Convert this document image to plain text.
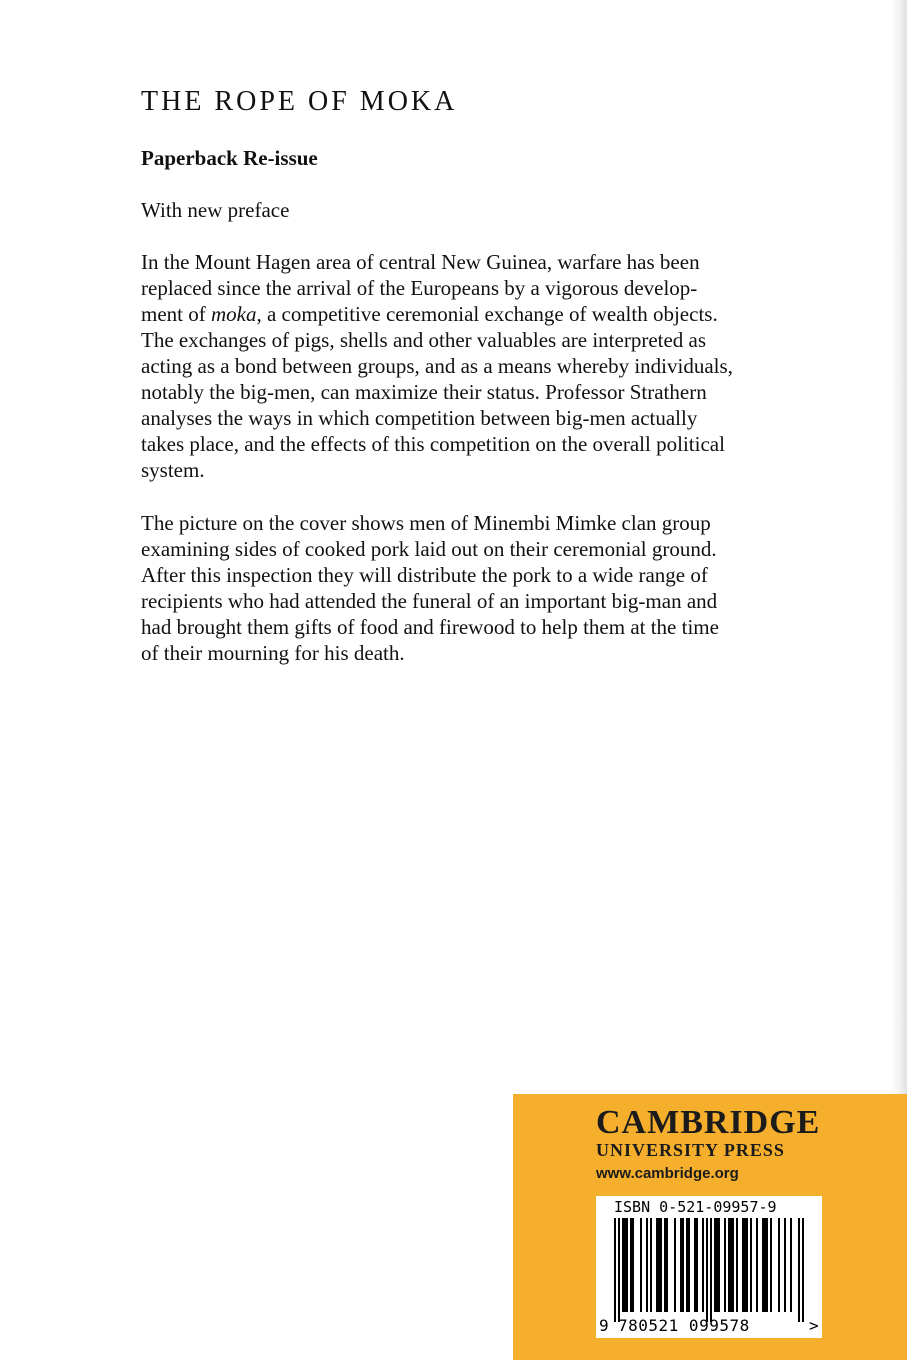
THE ROPE OF MOKA

Paperback Re-issue

With new preface

In the Mount Hagen area of central New Guinea, warfare has been
replaced since the arrival of the Europeans by a vigorous develop-
ment of moka, a competitive ceremonial exchange of wealth objects.
The exchanges of pigs, shells and other valuables are interpreted as
acting as a bond between groups, and as a means whereby individuals,
notably the big-men, can maximize their status. Professor Strathern
analyses the ways in which competition between big-men actually
takes place, and the effects of this competition on the overall political
system.
The picture on the cover shows men of Minembi Mimke clan group
examining sides of cooked pork laid out on their ceremonial ground.
After this inspection they will distribute the pork to a wide range of
recipients who had attended the funeral of an important big-man and
had brought them gifts of food and firewood to help them at the time
of their mourning for his death.

CAMBRIDGE

UNIVERSITY PRESS

www.cambridge.org

ISBN 0-521-09957-9

9 780521 099578	>
